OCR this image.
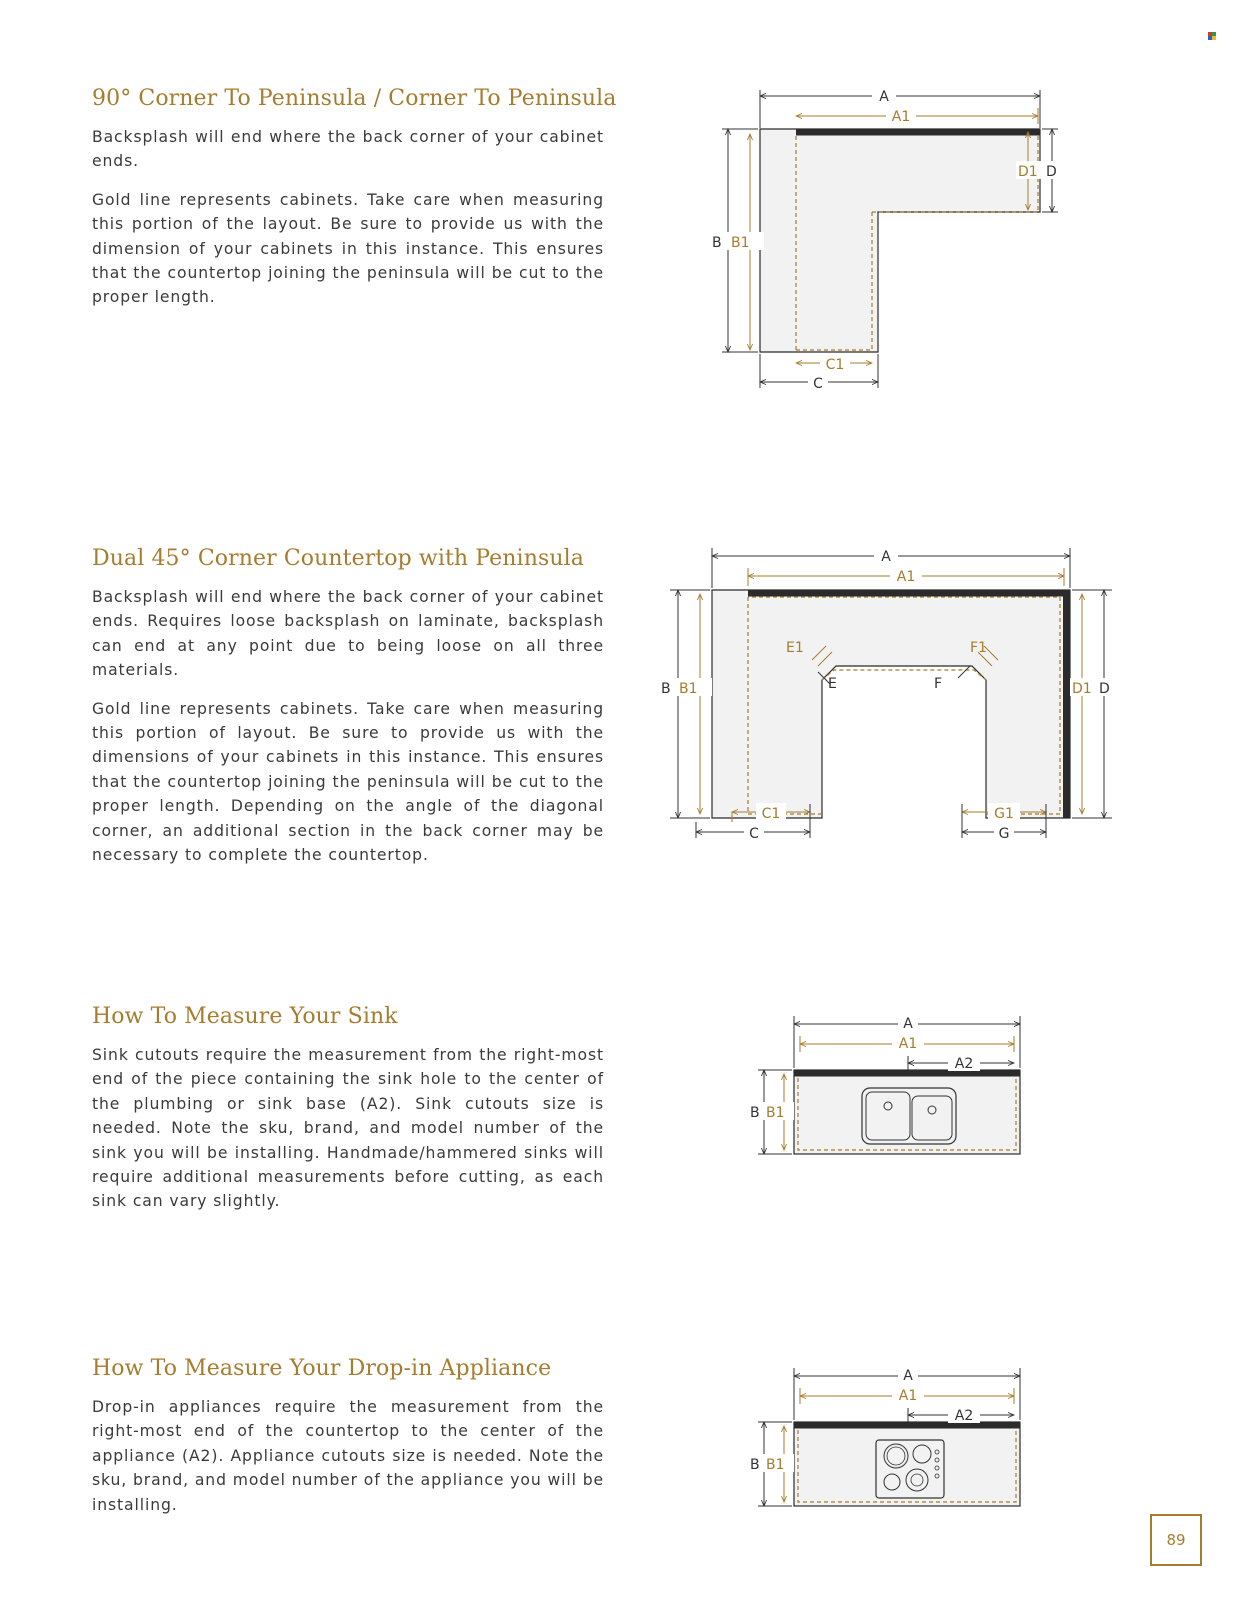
90° Corner To Peninsula / Corner To Peninsula

Backsplash will end where the back corner of your cabinet ends.

Gold line represents cabinets. Take care when measuring this portion of the layout. Be sure to provide us with the dimension of your cabinets in this instance. This ensures that the countertop joining the peninsula will be cut to the proper length.

A
A1
B B1
C1
C
D1 D
Dual 45° Corner Countertop with Peninsula

Backsplash will end where the back corner of your cabinet ends. Requires loose backsplash on laminate, backsplash can end at any point due to being loose on all three materials.

Gold line represents cabinets. Take care when measuring this portion of layout. Be sure to provide us with the dimensions of your cabinets in this instance. This ensures that the countertop joining the peninsula will be cut to the proper length. Depending on the angle of the diagonal corner, an additional section in the back corner may be necessary to complete the countertop.

A
A1
B B1	D1 D
E1
E
F1
F
C1
C
G1
G
How To Measure Your Sink

Sink cutouts require the measurement from the right-most end of the piece containing the sink hole to the center of the plumbing or sink base (A2). Sink cutouts size is needed. Note the sku, brand, and model number of the sink you will be installing. Handmade/hammered sinks will require additional measurements before cutting, as each sink can vary slightly.

A
A1
A2
B B1
How To Measure Your Drop-in Appliance

Drop-in appliances require the measurement from the right-most end of the countertop to the center of the appliance (A2). Appliance cutouts size is needed. Note the sku, brand, and model number of the appliance you will be installing.

A
A1
A2
B B1
89
